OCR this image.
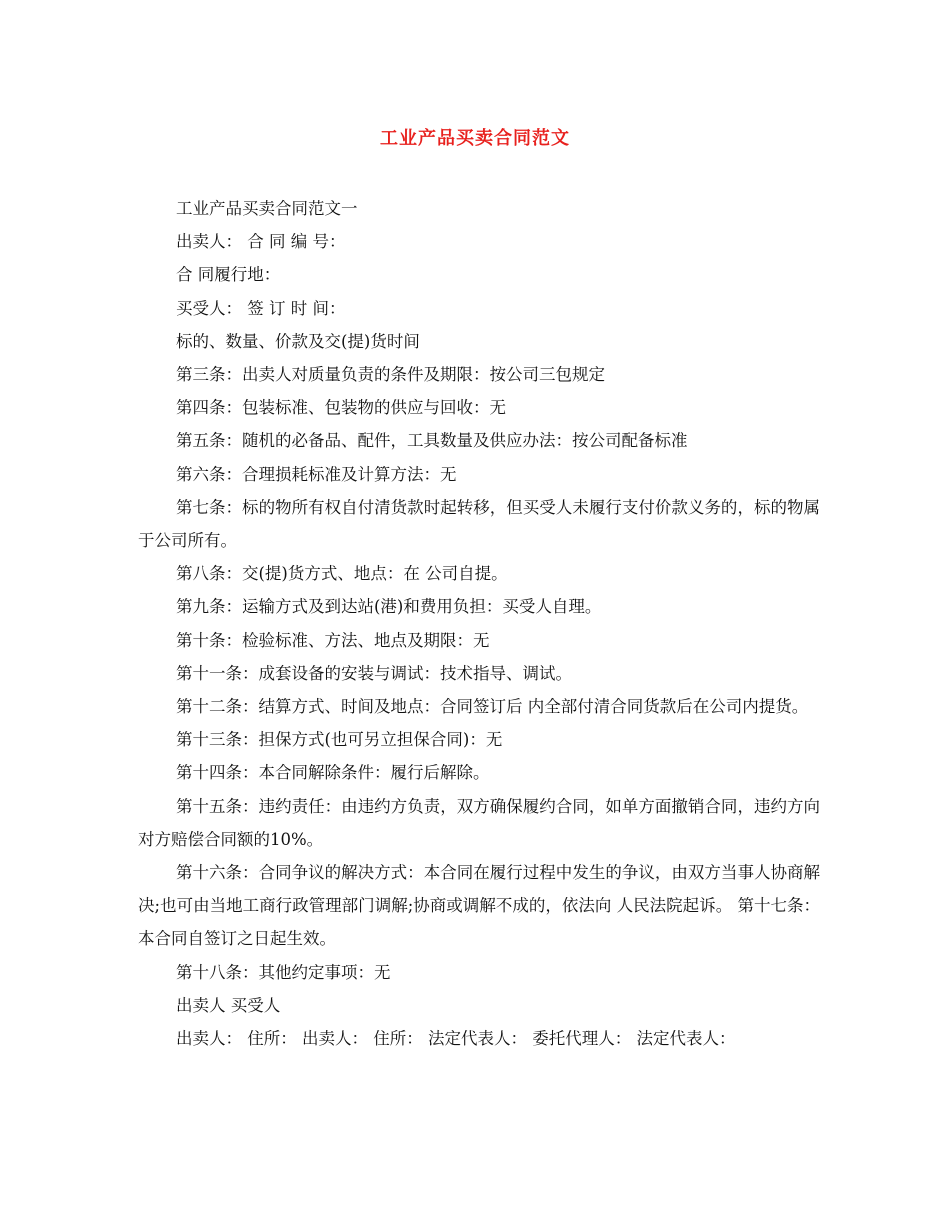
工业产品买卖合同范文

工业产品买卖合同范文一

出卖人： 合 同 编 号：

合 同履行地：

买受人： 签 订 时 间：

标的、数量、价款及交(提)货时间

第三条：出卖人对质量负责的条件及期限：按公司三包规定

第四条：包装标准、包装物的供应与回收：无

第五条：随机的必备品、配件，工具数量及供应办法：按公司配备标准

第六条：合理损耗标准及计算方法：无

第七条：标的物所有权自付清货款时起转移，但买受人未履行支付价款义务的，标的物属于公司所有。

第八条：交(提)货方式、地点：在 公司自提。

第九条：运输方式及到达站(港)和费用负担：买受人自理。

第十条：检验标准、方法、地点及期限：无

第十一条：成套设备的安装与调试：技术指导、调试。

第十二条：结算方式、时间及地点：合同签订后 内全部付清合同货款后在公司内提货。

第十三条：担保方式(也可另立担保合同)：无

第十四条：本合同解除条件：履行后解除。

第十五条：违约责任：由违约方负责，双方确保履约合同，如单方面撤销合同，违约方向对方赔偿合同额的10%。

第十六条：合同争议的解决方式：本合同在履行过程中发生的争议，由双方当事人协商解决;也可由当地工商行政管理部门调解;协商或调解不成的，依法向 人民法院起诉。 第十七条：本合同自签订之日起生效。

第十八条：其他约定事项：无

出卖人 买受人

出卖人： 住所： 出卖人： 住所： 法定代表人： 委托代理人： 法定代表人：
